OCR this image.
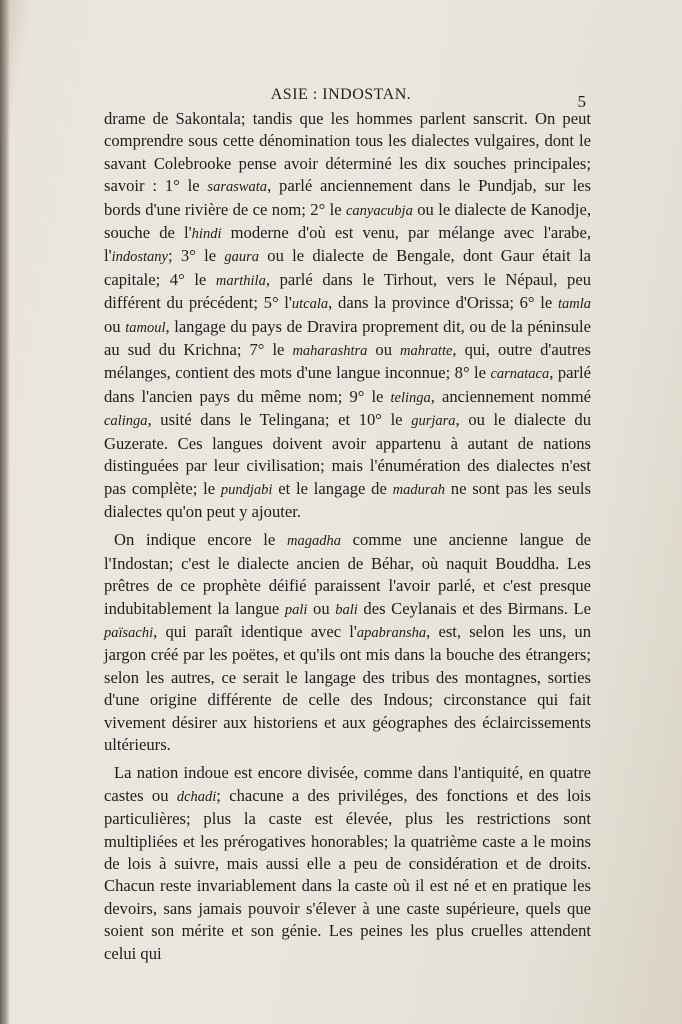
ASIE : INDOSTAN.	5

drame de Sakontala; tandis que les hommes parlent sanscrit. On peut comprendre sous cette dénomination tous les dialectes vulgaires, dont le savant Colebrooke pense avoir déterminé les dix souches principales; savoir : 1° le saraswata, parlé anciennement dans le Pundjab, sur les bords d'une rivière de ce nom; 2° le canyacubja ou le dialecte de Kanodje, souche de l'hindi moderne d'où est venu, par mélange avec l'arabe, l'indostany; 3° le gaura ou le dialecte de Bengale, dont Gaur était la capitale; 4° le marthila, parlé dans le Tirhout, vers le Népaul, peu différent du précédent; 5° l'utcala, dans la province d'Orissa; 6° le tamla ou tamoul, langage du pays de Dravira proprement dit, ou de la péninsule au sud du Krichna; 7° le maharashtra ou mahratte, qui, outre d'autres mélanges, contient des mots d'une langue inconnue; 8° le carnataca, parlé dans l'ancien pays du même nom; 9° le telinga, anciennement nommé calinga, usité dans le Telingana; et 10° le gurjara, ou le dialecte du Guzerate. Ces langues doivent avoir appartenu à autant de nations distinguées par leur civilisation; mais l'énumération des dialectes n'est pas complète; le pundjabi et le langage de madurah ne sont pas les seuls dialectes qu'on peut y ajouter.

On indique encore le magadha comme une ancienne langue de l'Indostan; c'est le dialecte ancien de Béhar, où naquit Bouddha. Les prêtres de ce prophète déifié paraissent l'avoir parlé, et c'est presque indubitablement la langue pali ou bali des Ceylanais et des Birmans. Le païsachi, qui paraît identique avec l'apabransha, est, selon les uns, un jargon créé par les poëtes, et qu'ils ont mis dans la bouche des étrangers; selon les autres, ce serait le langage des tribus des montagnes, sorties d'une origine différente de celle des Indous; circonstance qui fait vivement désirer aux historiens et aux géographes des éclaircissements ultérieurs.

La nation indoue est encore divisée, comme dans l'antiquité, en quatre castes ou dchadi; chacune a des priviléges, des fonctions et des lois particulières; plus la caste est élevée, plus les restrictions sont multipliées et les prérogatives honorables; la quatrième caste a le moins de lois à suivre, mais aussi elle a peu de considération et de droits. Chacun reste invariablement dans la caste où il est né et en pratique les devoirs, sans jamais pouvoir s'élever à une caste supérieure, quels que soient son mérite et son génie. Les peines les plus cruelles attendent celui qui
